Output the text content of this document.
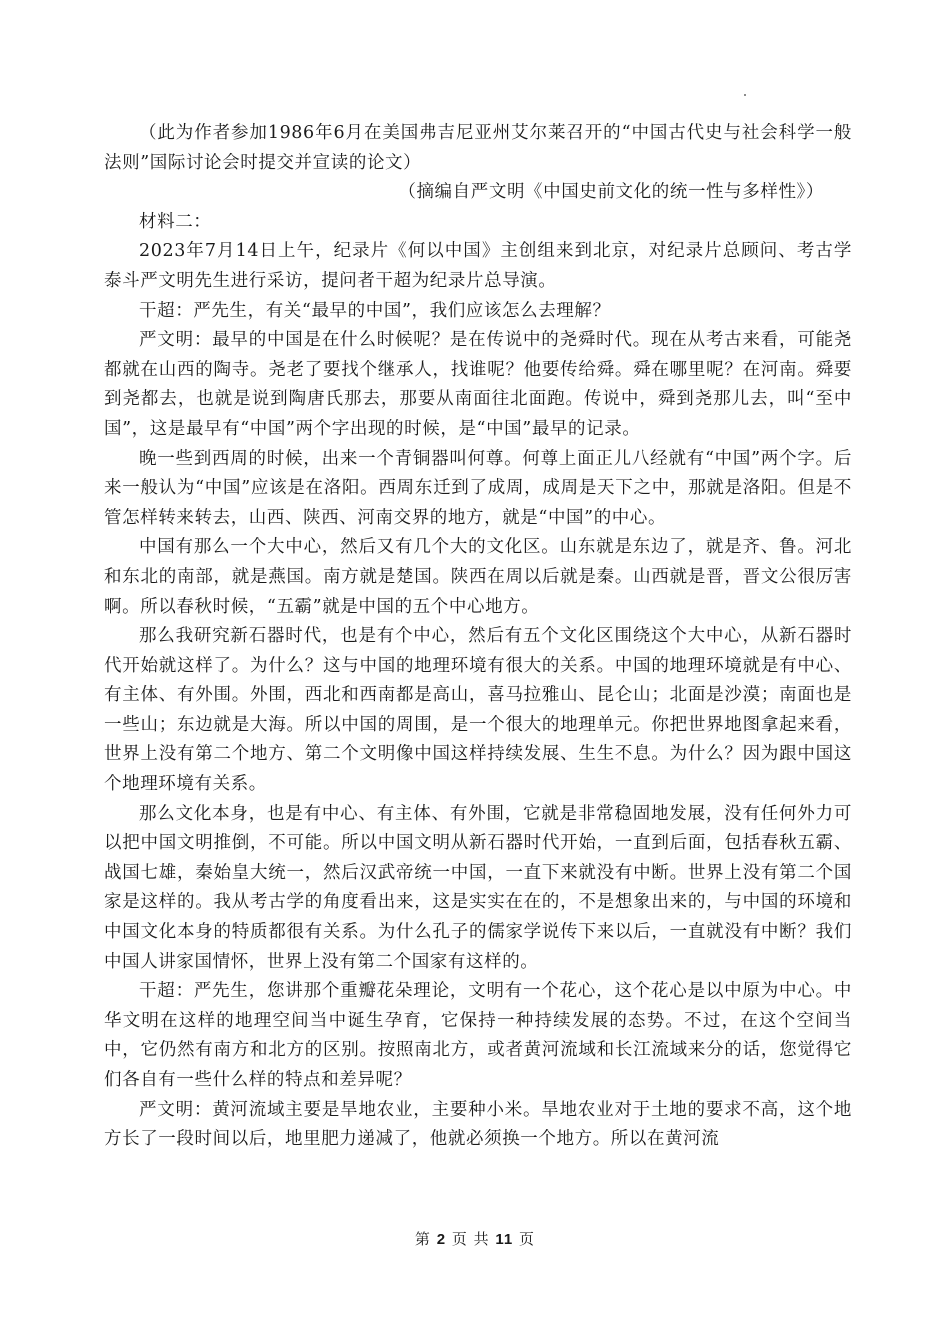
（此为作者参加1986年6月在美国弗吉尼亚州艾尔莱召开的“中国古代史与社会科学一般法则”国际讨论会时提交并宣读的论文）

（摘编自严文明《中国史前文化的统一性与多样性》）

材料二：

2023年7月14日上午，纪录片《何以中国》主创组来到北京，对纪录片总顾问、考古学泰斗严文明先生进行采访，提问者干超为纪录片总导演。

干超：严先生，有关“最早的中国”，我们应该怎么去理解？

严文明：最早的中国是在什么时候呢？是在传说中的尧舜时代。现在从考古来看，可能尧都就在山西的陶寺。尧老了要找个继承人，找谁呢？他要传给舜。舜在哪里呢？在河南。舜要到尧都去，也就是说到陶唐氏那去，那要从南面往北面跑。传说中，舜到尧那儿去，叫“至中国”，这是最早有“中国”两个字出现的时候，是“中国”最早的记录。

晚一些到西周的时候，出来一个青铜器叫何尊。何尊上面正儿八经就有“中国”两个字。后来一般认为“中国”应该是在洛阳。西周东迁到了成周，成周是天下之中，那就是洛阳。但是不管怎样转来转去，山西、陕西、河南交界的地方，就是“中国”的中心。

中国有那么一个大中心，然后又有几个大的文化区。山东就是东边了，就是齐、鲁。河北和东北的南部，就是燕国。南方就是楚国。陕西在周以后就是秦。山西就是晋，晋文公很厉害啊。所以春秋时候，“五霸”就是中国的五个中心地方。

那么我研究新石器时代，也是有个中心，然后有五个文化区围绕这个大中心，从新石器时代开始就这样了。为什么？这与中国的地理环境有很大的关系。中国的地理环境就是有中心、有主体、有外围。外围，西北和西南都是高山，喜马拉雅山、昆仑山；北面是沙漠；南面也是一些山；东边就是大海。所以中国的周围，是一个很大的地理单元。你把世界地图拿起来看，世界上没有第二个地方、第二个文明像中国这样持续发展、生生不息。为什么？因为跟中国这个地理环境有关系。

那么文化本身，也是有中心、有主体、有外围，它就是非常稳固地发展，没有任何外力可以把中国文明推倒，不可能。所以中国文明从新石器时代开始，一直到后面，包括春秋五霸、战国七雄，秦始皇大统一，然后汉武帝统一中国，一直下来就没有中断。世界上没有第二个国家是这样的。我从考古学的角度看出来，这是实实在在的，不是想象出来的，与中国的环境和中国文化本身的特质都很有关系。为什么孔子的儒家学说传下来以后，一直就没有中断？我们中国人讲家国情怀，世界上没有第二个国家有这样的。

干超：严先生，您讲那个重瓣花朵理论，文明有一个花心，这个花心是以中原为中心。中华文明在这样的地理空间当中诞生孕育，它保持一种持续发展的态势。不过，在这个空间当中，它仍然有南方和北方的区别。按照南北方，或者黄河流域和长江流域来分的话，您觉得它们各自有一些什么样的特点和差异呢？

严文明：黄河流域主要是旱地农业，主要种小米。旱地农业对于土地的要求不高，这个地方长了一段时间以后，地里肥力递减了，他就必须换一个地方。所以在黄河流

第 2 页 共 11 页
